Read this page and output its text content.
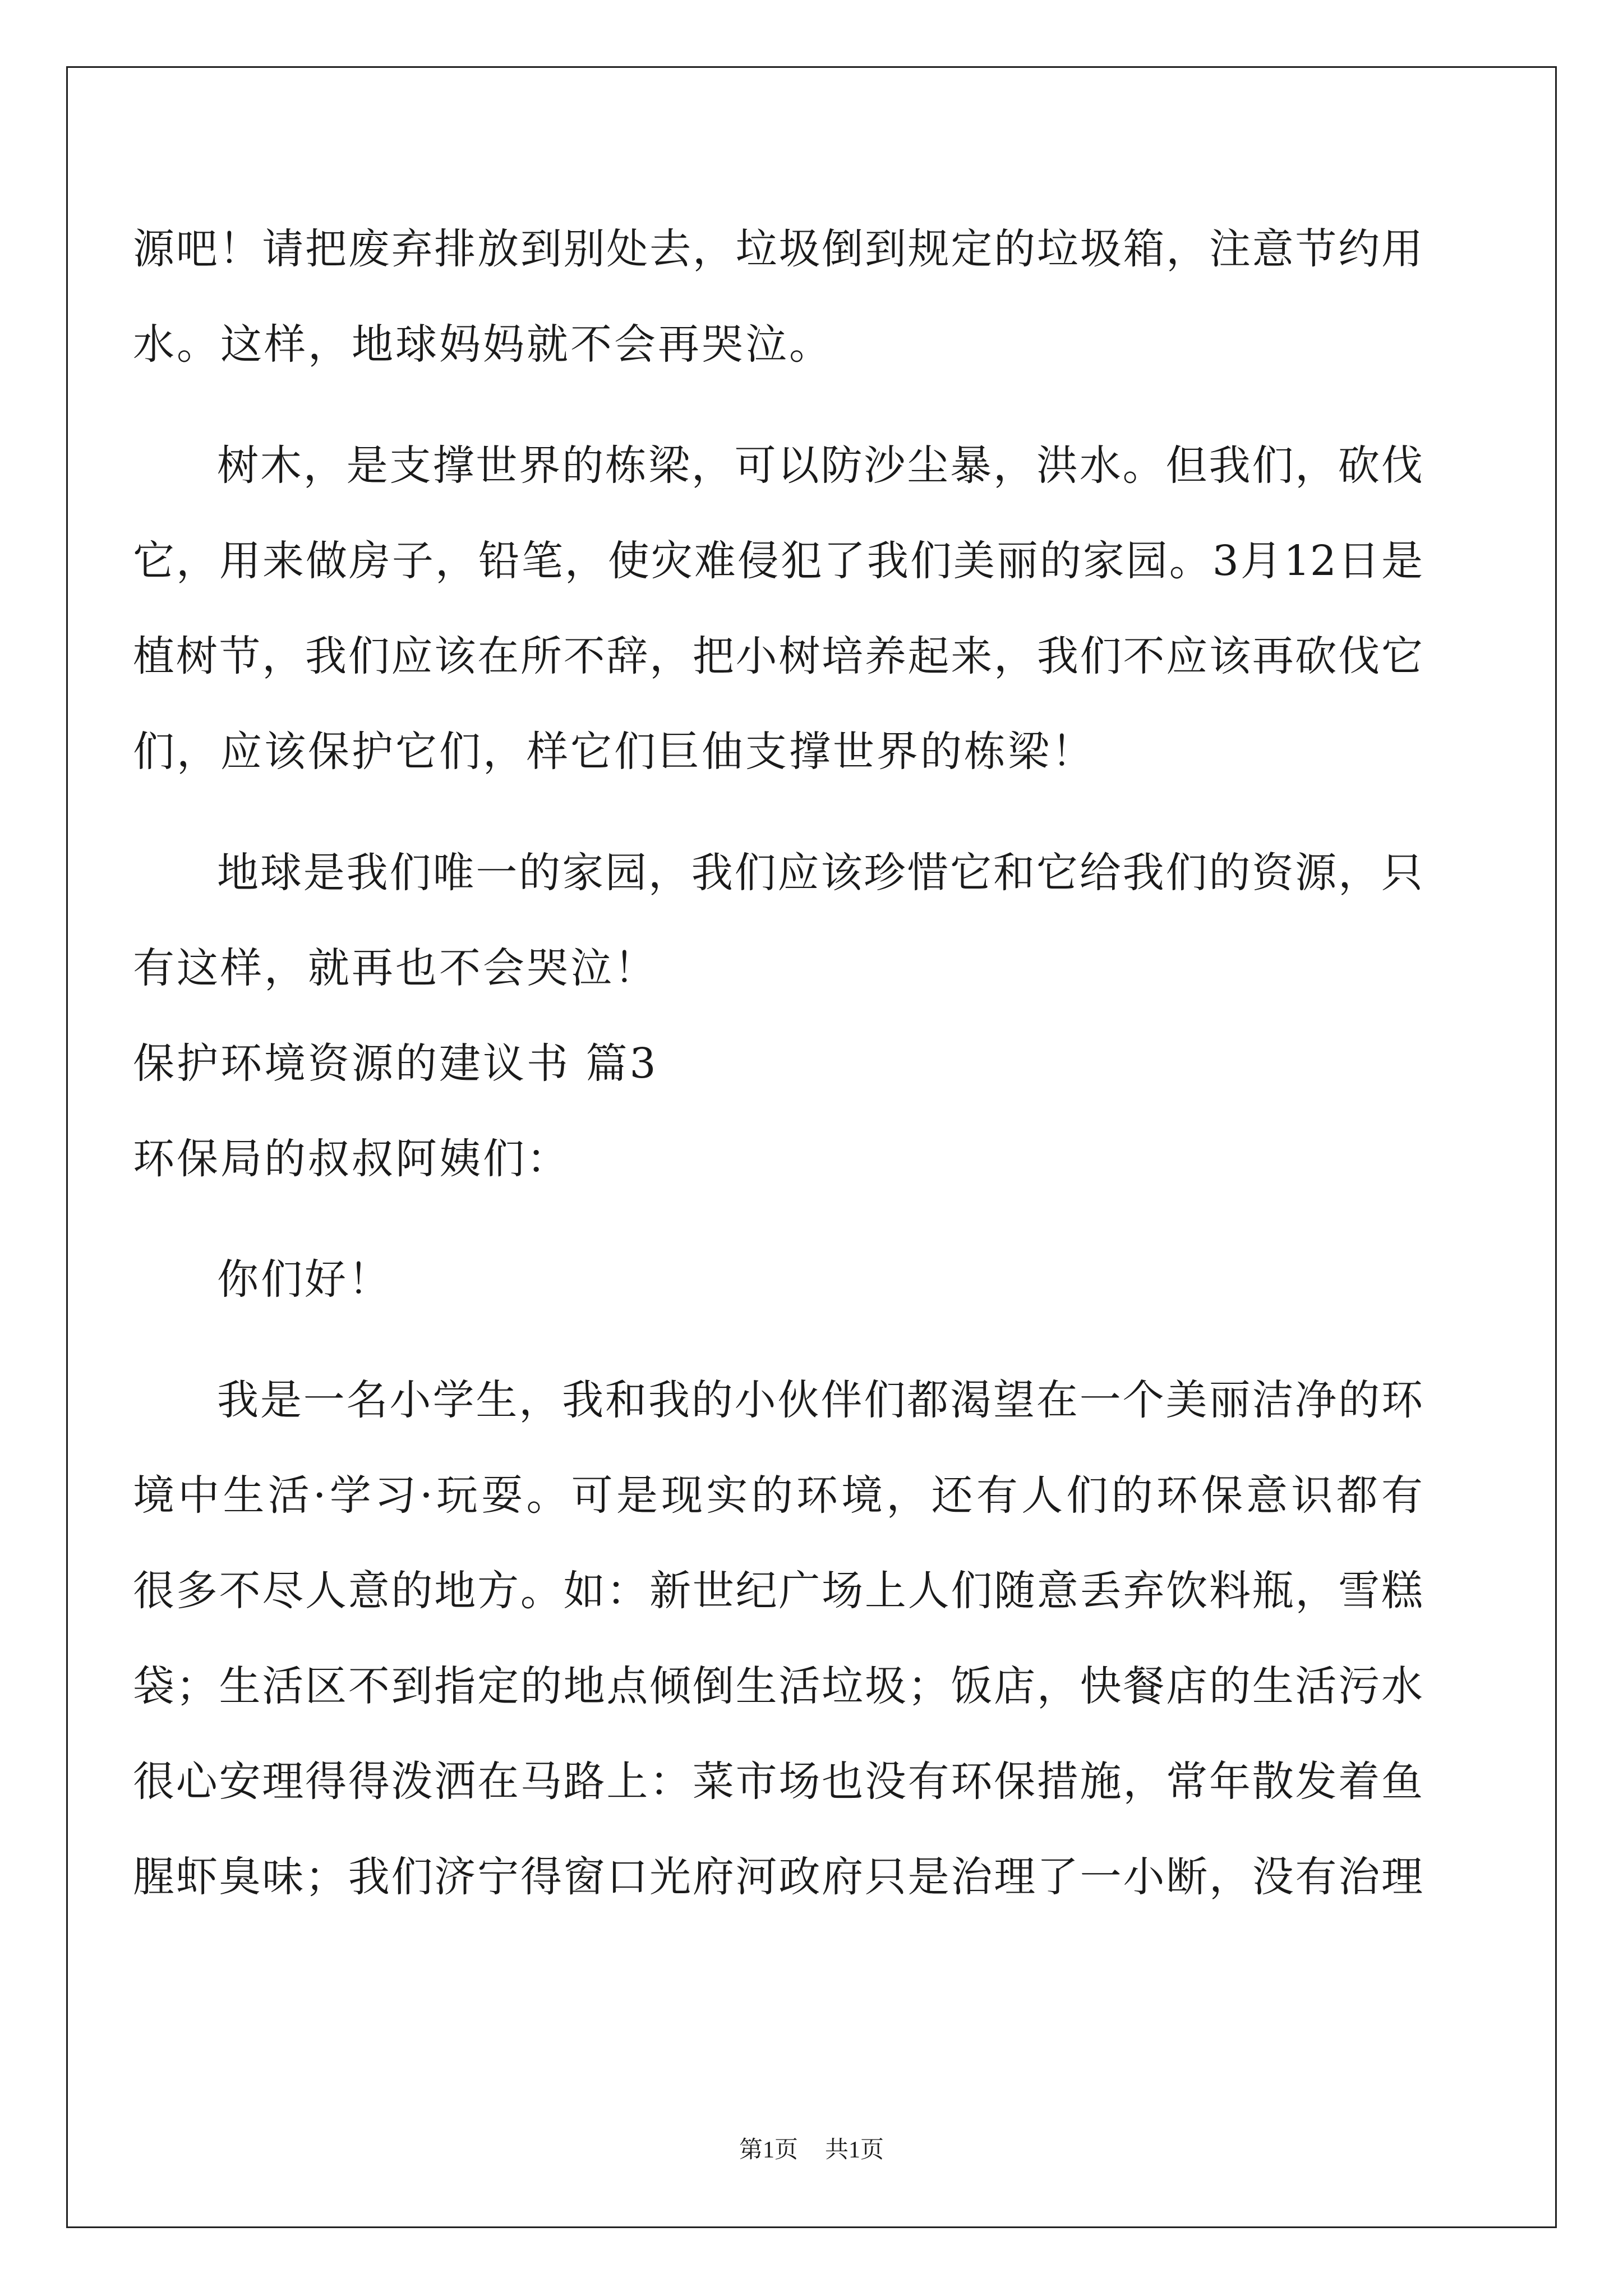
源吧！请把废弃排放到别处去，垃圾倒到规定的垃圾箱，注意节约用
水。这样，地球妈妈就不会再哭泣。
树木，是支撑世界的栋梁，可以防沙尘暴，洪水。但我们，砍伐
它，用来做房子，铅笔，使灾难侵犯了我们美丽的家园。3月12日是
植树节，我们应该在所不辞，把小树培养起来，我们不应该再砍伐它
们，应该保护它们，样它们巨伷支撑世界的栋梁！
地球是我们唯一的家园，我们应该珍惜它和它给我们的资源，只
有这样，就再也不会哭泣！
保护环境资源的建议书 篇3
环保局的叔叔阿姨们：
你们好！
我是一名小学生，我和我的小伙伴们都渴望在一个美丽洁净的环
境中生活·学习·玩耍。可是现实的环境，还有人们的环保意识都有
很多不尽人意的地方。如：新世纪广场上人们随意丢弃饮料瓶，雪糕
袋；生活区不到指定的地点倾倒生活垃圾；饭店，快餐店的生活污水
很心安理得得泼洒在马路上：菜市场也没有环保措施，常年散发着鱼
腥虾臭味；我们济宁得窗口光府河政府只是治理了一小断，没有治理
第1页 共1页
